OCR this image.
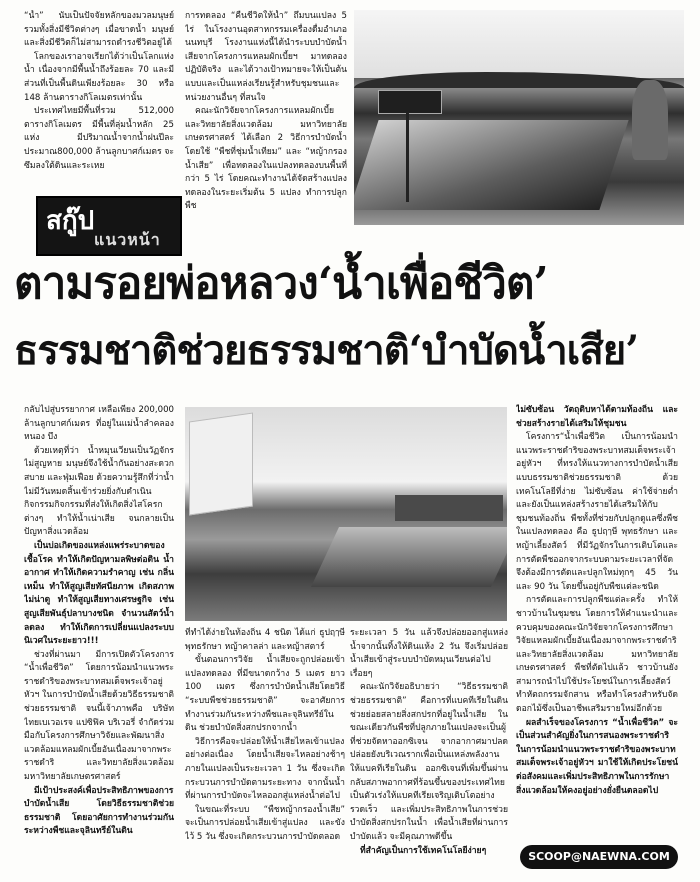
“น้ำ” นับเป็นปัจจัยหลักของมวลมนุษย์ รวมทั้งสิ่งมีชีวิตต่างๆ เมื่อขาดน้ำ มนุษย์และสิ่งมีชีวิตก็ไม่สามารถดำรงชีวิตอยู่ได้

โลกของเราอาจเรียกได้ว่าเป็นโลกแห่งน้ำ เนื่องจากมีพื้นน้ำถึงร้อยละ 70 และมีส่วนที่เป็นพื้นดินเพียงร้อยละ 30 หรือ 148 ล้านตารางกิโลเมตรเท่านั้น

ประเทศไทยมีพื้นที่รวม 512,000 ตารางกิโลเมตร มีพื้นที่ลุ่มน้ำหลัก 25 แห่ง มีปริมาณน้ำจากน้ำฝนปีละประมาณ800,000 ล้านลูกบาศก์เมตร จะซึมลงใต้ดินและระเหย

การทดลอง “คืนชีวิตให้น้ำ” ถึ่มบนแปลง 5 ไร่ ในโรงงานอุตสาหกรรมเครื่องดื่มอำเภอนนทบุรี โรงงานแห่งนี้ได้นำระบบบำบัดน้ำเสียจากโครงการแหลมผักเบี้ยฯ มาทดลองปฏิบัติจริง และได้วางเป้าหมายจะให้เป็นต้นแบบและเป็นแหล่งเรียนรู้สำหรับชุมชนและหน่วยงานอื่นๆ ที่สนใจ

คณะนักวิจัยจากโครงการแหลมผักเบี้ยและวิทยาลัยสิ่งแวดล้อม มหาวิทยาลัยเกษตรศาสตร์ ได้เลือก 2 วิธีการบำบัดน้ำ โดยใช้ “พืชที่ชุ่มน้ำเทียม” และ “หญ้ากรองน้ำเสีย” เพื่อทดลองในแปลงทดลองบนพื้นที่กว่า 5 ไร่ โดยคณะทำงานได้จัดสร้างแปลงทดลองในระยะเริ่มต้น 5 แปลง ทำการปลูกพืช

สกู๊ป
แนวหน้า
ตามรอยพ่อหลวง‘น้ำเพื่อชีวิต’
ธรรมชาติช่วยธรรมชาติ‘บำบัดน้ำเสีย’

กลับไปสู่บรรยากาศ เหลือเพียง 200,000 ล้านลูกบาศก์เมตร ที่อยู่ในแม่น้ำลำคลอง หนอง บึง

ด้วยเหตุที่ว่า น้ำหมุนเวียนเป็นวัฏจักร ไม่สูญหาย มนุษย์จึงใช้น้ำกันอย่างสะดวกสบาย และฟุ่มเฟือย ด้วยความรู้สึกที่ว่าน้ำไม่มีวันหมดสิ้นเข้าร่วยยิ่งกับดำเนินกิจกรรมกิจกรรมที่ส่งให้เกิดสิ่งไสโครกต่างๆ ทำให้น้ำเน่าเสีย จนกลายเป็นปัญหาสิ่งแวดล้อม

เป็นบ่อเกิดของแหล่งแพร่ระบาดของเชื้อโรค ทำให้เกิดปัญหามลพิษต่อดิน น้ำ อากาศ ทำให้เกิดความรำคาญ เช่น กลิ่นเหม็น ทำให้สูญเสียทัศนียภาพ เกิดสภาพไม่น่าดู ทำให้สูญเสียทางเศรษฐกิจ เช่น สูญเสียพันธุ์ปลาบางชนิด จำนวนสัตว์น้ำลดลง ทำให้เกิดการเปลี่ยนแปลงระบบนิเวศในระยะยาว!!!

ช่วงที่ผ่านมา มีการเปิดตัวโครงการ “น้ำเพื่อชีวิต” โดยการน้อมนำแนวพระราชดำริของพระบาทสมเด็จพระเจ้าอยู่หัวฯ ในการบำบัดน้ำเสียด้วยวิธีธรรมชาติช่วยธรรมชาติ จนนี้เจ้าภาพคือ บริษัท ไทยเบเวอเรจ แปซิฟิค บริเวอรี่ จำกัดร่วมมือกับโครงการศึกษาวิจัยและพัฒนาสิ่งแวดล้อมแหลมผักเบี้ยอันเนื่องมาจากพระราชดำริ และวิทยาลัยสิ่งแวดล้อม มหาวิทยาลัยเกษตรศาสตร์

มีเป้าประสงค์เพื่อประสิทธิภาพของการบำบัดน้ำเสีย โดยวิธีธรรมชาติช่วยธรรมชาติ โดยอาศัยการทำงานร่วมกันระหว่างพืชและจุลินทรีย์ในดิน

ที่ทำได้ง่ายในท้องถิ่น 4 ชนิด ได้แก่ ธูปฤๅษี พุทธรักษา หญ้าคาลล่า และหญ้าสตาร์

ขั้นตอนการวิจัย น้ำเสียจะถูกปล่อยเข้าแปลงทดลอง ที่มีขนาดกว้าง 5 เมตร ยาว 100 เมตร ซึ่งการบำบัดน้ำเสียโดยวิธี “ระบบพืชช่วยธรรมชาติ” จะอาศัยการทำงานร่วมกันระหว่างพืชและจุลินทรีย์ในดิน ช่วยบำบัดสิ่งสกปรกจากน้ำ

วิธีการคือจะปล่อยให้น้ำเสียไหลเข้าแปลงอย่างต่อเนื่อง โดยน้ำเสียจะไหลอย่างช้าๆ ภายในแปลงเป็นระยะเวลา 1 วัน ซึ่งจะเกิดกระบวนการบำบัดตามระยะทาง จากนั้นน้ำที่ผ่านการบำบัดจะไหลออกสู่แหล่งน้ำต่อไป

ในขณะที่ระบบ “พืชหญ้ากรองน้ำเสีย” จะเป็นการปล่อยน้ำเสียเข้าสู่แปลง และขังไว้ 5 วัน ซึ่งจะเกิดกระบวนการบำบัดตลอด

ระยะเวลา 5 วัน แล้วจึงปล่อยออกสู่แหล่งน้ำจากนั้นทิ้งให้ดินแห้ง 2 วัน จึงเริ่มปล่อยน้ำเสียเข้าสู่ระบบบำบัดหมุนเวียนต่อไปเรื่อยๆ

คณะนักวิจัยอธิบายว่า “วิธีธรรมชาติช่วยธรรมชาติ” คือการที่แบคทีเรียในดินช่วยย่อยสลายสิ่งสกปรกที่อยู่ในน้ำเสีย ในขณะเดียวกันพืชที่ปลูกภายในแปลงจะเป็นผู้ที่ช่วยจัดหาออกซิเจน จากอากาศมาปลดปล่อยยังบริเวณรากเพื่อเป็นแหล่งพลังงานให้แบคทีเรียในดิน ออกซิเจนที่เพิ่มขึ้นผ่านกลับสภาพอากาศที่ร้อนขึ้นของประเทศไทยเป็นตัวเร่งให้แบคทีเรียเจริญเติบโตอย่างรวดเร็ว และเพิ่มประสิทธิภาพในการช่วยบำบัดสิ่งสกปรกในน้ำ เพื่อน้ำเสียที่ผ่านการบำบัดแล้ว จะมีคุณภาพดีขึ้น

ที่สำคัญเป็นการใช้เทคโนโลยีง่ายๆ

ไม่ซับซ้อน วัตถุดิบหาได้ตามท้องถิ่น และช่วยสร้างรายได้เสริมให้ชุมชน

โครงการ“น้ำเพื่อชีวิต เป็นการน้อมนำแนวพระราชดำริของพระบาทสมเด็จพระเจ้าอยู่หัวฯ ที่ทรงให้แนวทางการบำบัดน้ำเสียแบบธรรมชาติช่วยธรรมชาติ ด้วยเทคโนโลยีที่ง่าย ไม่ซับซ้อน ค่าใช้จ่ายต่ำ และยังเป็นแหล่งสร้างรายได้เสริมให้กับชุมชนท้องถิ่น พืชทั้งที่ช่วยกับปลูกดูแลซึ่งพืชในแปลงทดลอง คือ ธูปฤๅษี พุทธรักษา และหญ้าเลี้ยงสัตว์ ที่มีวัฏจักรในการเติบโตและการตัดพืชออกจากระบบตามระยะเวลาที่จัดจึงต้องมีการตัดและปลูกใหม่ทุกๆ 45 วัน และ 90 วัน โดยขึ้นอยู่กับพืชแต่ละชนิด

การตัดและการปลูกพืชแต่ละครั้ง ทำให้ชาวบ้านในชุมชน โดยการให้คำแนะนำและควบคุมของคณะนักวิจัยจากโครงการศึกษาวิจัยแหลมผักเบี้ยอันเนื่องมาจากพระราชดำริ และวิทยาลัยสิ่งแวดล้อม มหาวิทยาลัยเกษตรศาสตร์ พืชที่ตัดไปแล้ว ชาวบ้านยังสามารถนำไปใช้ประโยชน์ในการเลี้ยงสัตว์ทำหัตถกรรมจักสาน หรือทำโครงสำหรับจัดดอกไม้ซึ่งเป็นอาชีพเสริมรายใหม่อีกด้วย

ผลสำเร็จของโครงการ “น้ำเพื่อชีวิต” จะเป็นส่วนสำคัญยิ่งในการสนองพระราชดำริในการน้อมนำแนวพระราชดำริของพระบาทสมเด็จพระเจ้าอยู่หัวฯ มาใช้ให้เกิดประโยชน์ต่อสังคมและเพิ่มประสิทธิภาพในการรักษาสิ่งแวดล้อมให้คงอยู่อย่างยั่งยืนตลอดไป

SCOOP@NAEWNA.COM
